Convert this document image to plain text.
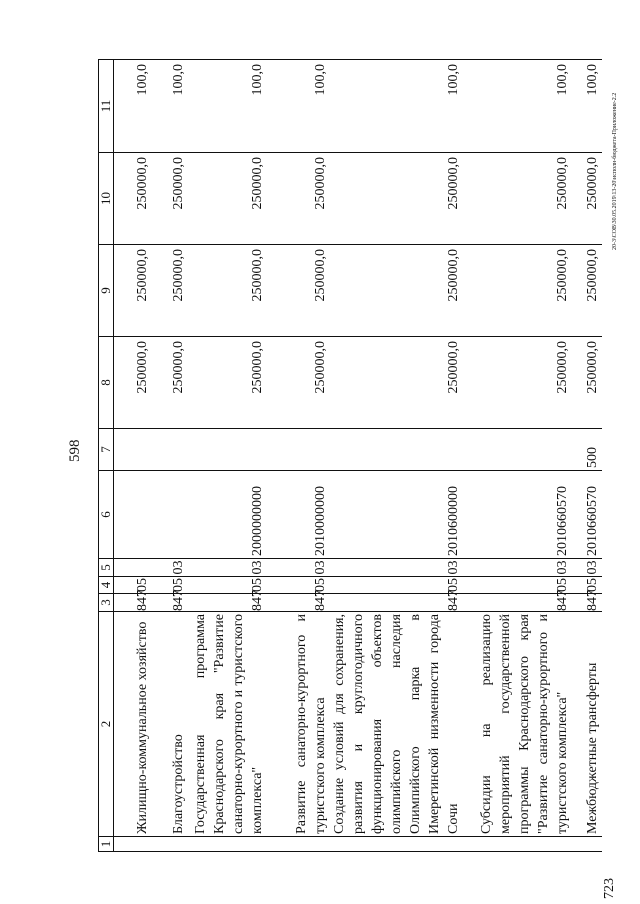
598
20-3\СОВ\30.05.2019\13-20\исполн-бюджета-Приложение-2.2
723
1	2	3	4	5	6	7	8	9	10	11
	Жилищно-коммунальное хозяйство	847	05				250000,0	250000,0	250000,0	100,0
	Благоустройство	847	05	03			250000,0	250000,0	250000,0	100,0
	Государственная программа Краснодарского края "Развитие санаторно-курортного и туристского комплекса"	847	05	03	2000000000		250000,0	250000,0	250000,0	100,0
	Развитие санаторно-курортного и туристского комплекса	847	05	03	2010000000		250000,0	250000,0	250000,0	100,0
	Создание условий для сохранения, развития и круглогодичного функционирования объектов олимпийского наследия Олимпийского парка в Имеретинской низменности города Сочи	847	05	03	2010600000		250000,0	250000,0	250000,0	100,0
	Субсидии на реализацию мероприятий государственной программы Краснодарского края "Развитие санаторно-курортного и туристского комплекса"	847	05	03	2010660570		250000,0	250000,0	250000,0	100,0
	Межбюджетные трансферты	847	05	03	2010660570	500	250000,0	250000,0	250000,0	100,0
